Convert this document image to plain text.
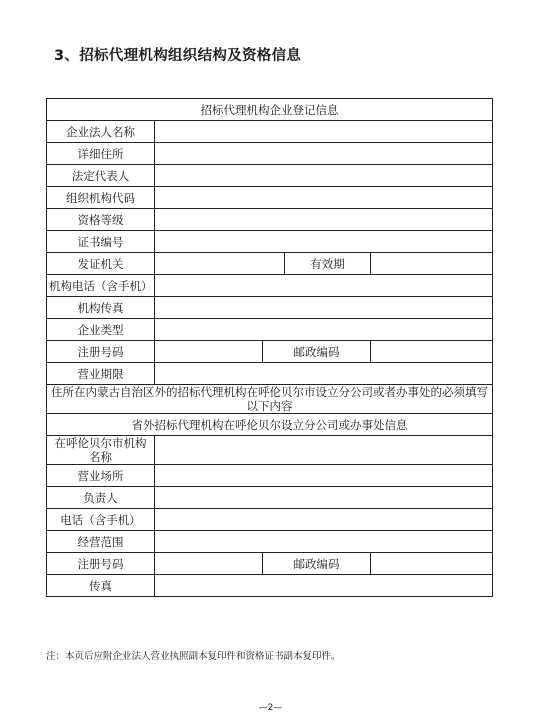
3、招标代理机构组织结构及资格信息
招标代理机构企业登记信息				
企业法人名称				
详细住所				
法定代表人				
组织机构代码				
资格等级				
证书编号				
发证机关			有效期	
机构电话（含手机）				
机构传真				
企业类型				
注册号码		邮政编码		
营业期限				
住所在内蒙古自治区外的招标代理机构在呼伦贝尔市设立分公司或者办事处的必须填写以下内容				
省外招标代理机构在呼伦贝尔设立分公司或办事处信息				
在呼伦贝尔市机构名称				
营业场所				
负责人				
电话（含手机）				
经营范围				
注册号码		邮政编码		
传真				
注：本页后应附企业法人营业执照副本复印件和资格证书副本复印件。
—2—
